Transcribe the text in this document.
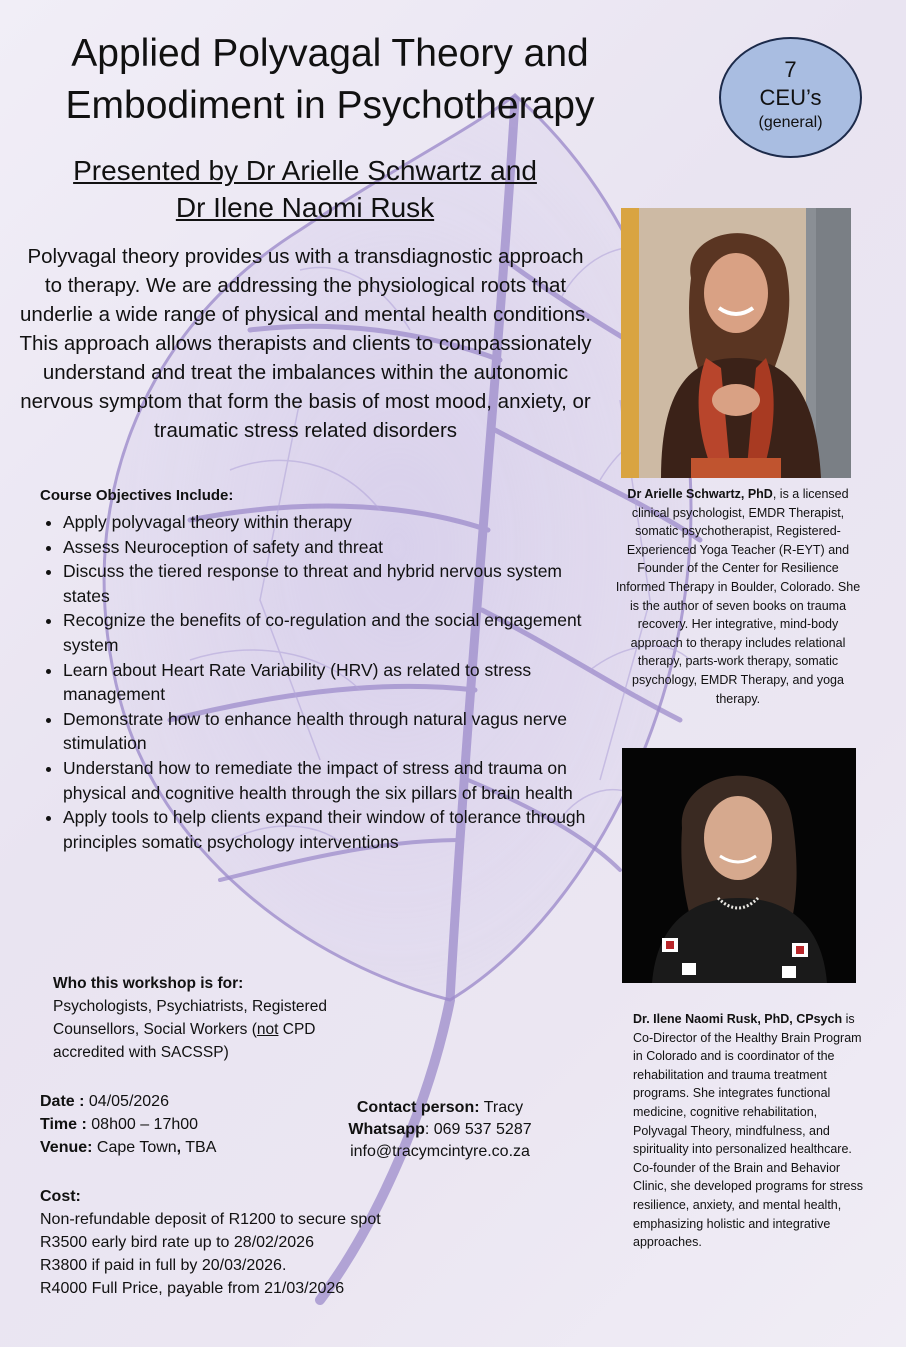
Applied Polyvagal Theory and
Embodiment in Psychotherapy
7
CEU’s
(general)
Presented by Dr Arielle Schwartz and
Dr Ilene Naomi Rusk
Polyvagal theory provides us with a transdiagnostic approach to therapy. We are addressing the physiological roots that underlie a wide range of physical and mental health conditions. This approach allows therapists and clients to compassionately understand and treat the imbalances within the autonomic nervous symptom that form the basis of most mood, anxiety, or traumatic stress related disorders
Course Objectives Include:
• Apply polyvagal theory within therapy
• Assess Neuroception of safety and threat
• Discuss the tiered response to threat and hybrid nervous system states
• Recognize the benefits of co-regulation and the social engagement system
• Learn about Heart Rate Variability (HRV) as related to stress management
• Demonstrate how to enhance health through natural vagus nerve stimulation
• Understand how to remediate the impact of stress and trauma on physical and cognitive health through the six pillars of brain health
• Apply tools to help clients expand their window of tolerance through principles somatic psychology interventions
Who this workshop is for:
Psychologists, Psychiatrists, Registered Counsellors, Social Workers (not CPD accredited with SACSSP)
Date : 04/05/2026
Time : 08h00 – 17h00
Venue: Cape Town, TBA
Contact person: Tracy
Whatsapp: 069 537 5287
info@tracymcintyre.co.za
Cost:
Non-refundable deposit of R1200 to secure spot
R3500 early bird rate up to 28/02/2026
R3800 if paid in full by 20/03/2026.
R4000 Full Price, payable from 21/03/2026
Dr Arielle Schwartz, PhD, is a licensed clinical psychologist, EMDR Therapist, somatic psychotherapist, Registered-Experienced Yoga Teacher (R-EYT) and Founder of the Center for Resilience Informed Therapy in Boulder, Colorado. She is the author of seven books on trauma recovery. Her integrative, mind-body approach to therapy includes relational therapy, parts-work therapy, somatic psychology, EMDR Therapy, and yoga therapy.
Dr. Ilene Naomi Rusk, PhD, CPsych is Co-Director of the Healthy Brain Program in Colorado and is coordinator of the rehabilitation and trauma treatment programs. She integrates functional medicine, cognitive rehabilitation, Polyvagal Theory, mindfulness, and spirituality into personalized healthcare. Co-founder of the Brain and Behavior Clinic, she developed programs for stress resilience, anxiety, and mental health, emphasizing holistic and integrative approaches.
